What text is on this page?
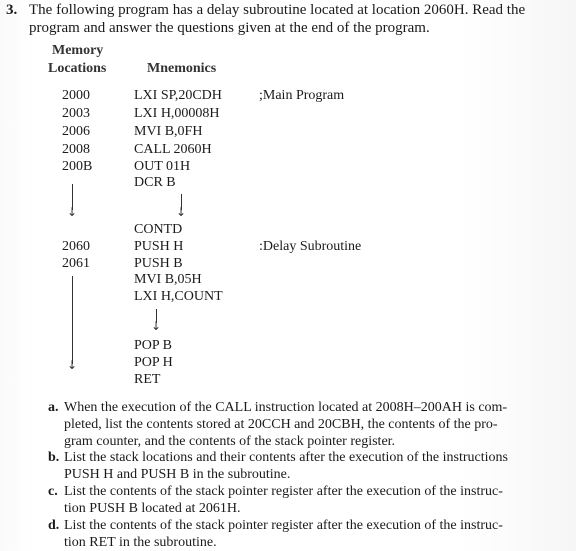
3. The following program has a delay subroutine located at location 2060H. Read the
program and answer the questions given at the end of the program.
Memory
Locations	Mnemonics
2000	LXI SP,20CDH	;Main Program
2003	LXI H,00008H
2006	MVI B,0FH
2008	CALL 2060H
200B	OUT 01H
DCR B
↓	↓
CONTD
2060	PUSH H	:Delay Subroutine
2061	PUSH B
MVI B,05H
LXI H,COUNT
↓
↓
POP B
POP H
RET
a. When the execution of the CALL instruction located at 2008H–200AH is com-
pleted, list the contents stored at 20CCH and 20CBH, the contents of the pro-
gram counter, and the contents of the stack pointer register.
b. List the stack locations and their contents after the execution of the instructions
PUSH H and PUSH B in the subroutine.
c. List the contents of the stack pointer register after the execution of the instruc-
tion PUSH B located at 2061H.
d. List the contents of the stack pointer register after the execution of the instruc-
tion RET in the subroutine.
